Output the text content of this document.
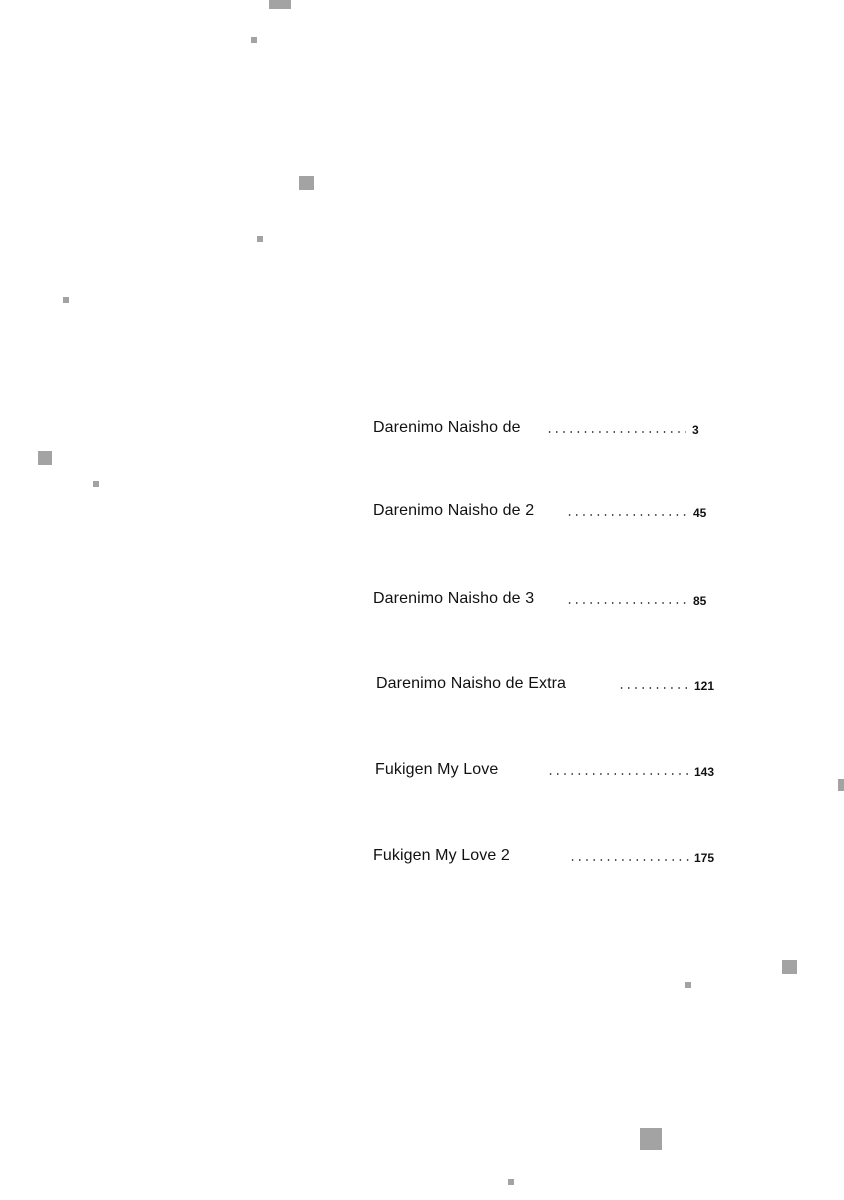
Darenimo Naisho de	3
Darenimo Naisho de 2	45
Darenimo Naisho de 3	85
Darenimo Naisho de Extra	121
Fukigen My Love	143
Fukigen My Love 2	175
